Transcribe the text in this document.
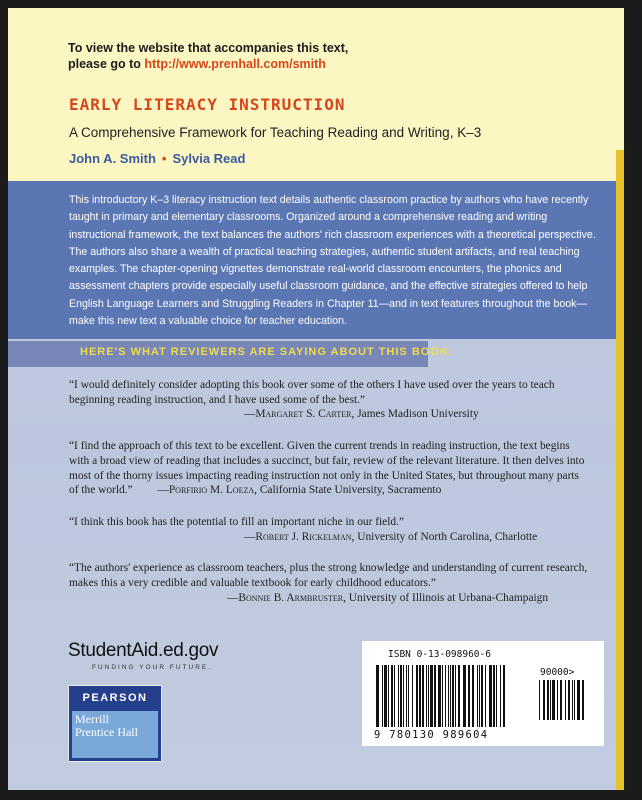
To view the website that accompanies this text,
please go to http://www.prenhall.com/smith
EARLY LITERACY INSTRUCTION
A Comprehensive Framework for Teaching Reading and Writing, K–3
John A. Smith • Sylvia Read
This introductory K–3 literacy instruction text details authentic classroom practice by authors who have recently taught in primary and elementary classrooms. Organized around a comprehensive reading and writing instructional framework, the text balances the authors' rich classroom experiences with a theoretical perspective. The authors also share a wealth of practical teaching strategies, authentic student artifacts, and real teaching examples. The chapter-opening vignettes demonstrate real-world classroom encounters, the phonics and assessment chapters provide especially useful classroom guidance, and the effective strategies offered to help English Language Learners and Struggling Readers in Chapter 11—and in text features throughout the book—make this new text a valuable choice for teacher education.
HERE'S WHAT REVIEWERS ARE SAYING ABOUT THIS BOOK:

“I would definitely consider adopting this book over some of the others I have used over the years to teach beginning reading instruction, and I have used some of the best.”

—Margaret S. Carter, James Madison University
“I find the approach of this text to be excellent. Given the current trends in reading instruction, the text begins with a broad view of reading that includes a succinct, but fair, review of the relevant literature. It then delves into most of the thorny issues impacting reading instruction not only in the United States, but throughout many parts of the world.” —Porfirio M. Loeza, California State University, Sacramento

“I think this book has the potential to fill an important niche in our field.”

—Robert J. Rickelman, University of North Carolina, Charlotte

“The authors' experience as classroom teachers, plus the strong knowledge and understanding of current research, makes this a very credible and valuable textbook for early childhood educators.”

—Bonnie B. Armbruster, University of Illinois at Urbana-Champaign
StudentAid.ed.gov
FUNDING YOUR FUTURE.
PEARSON
Merrill
Prentice Hall
ISBN 0-13-098960-6
90000>
9 780130 989604
